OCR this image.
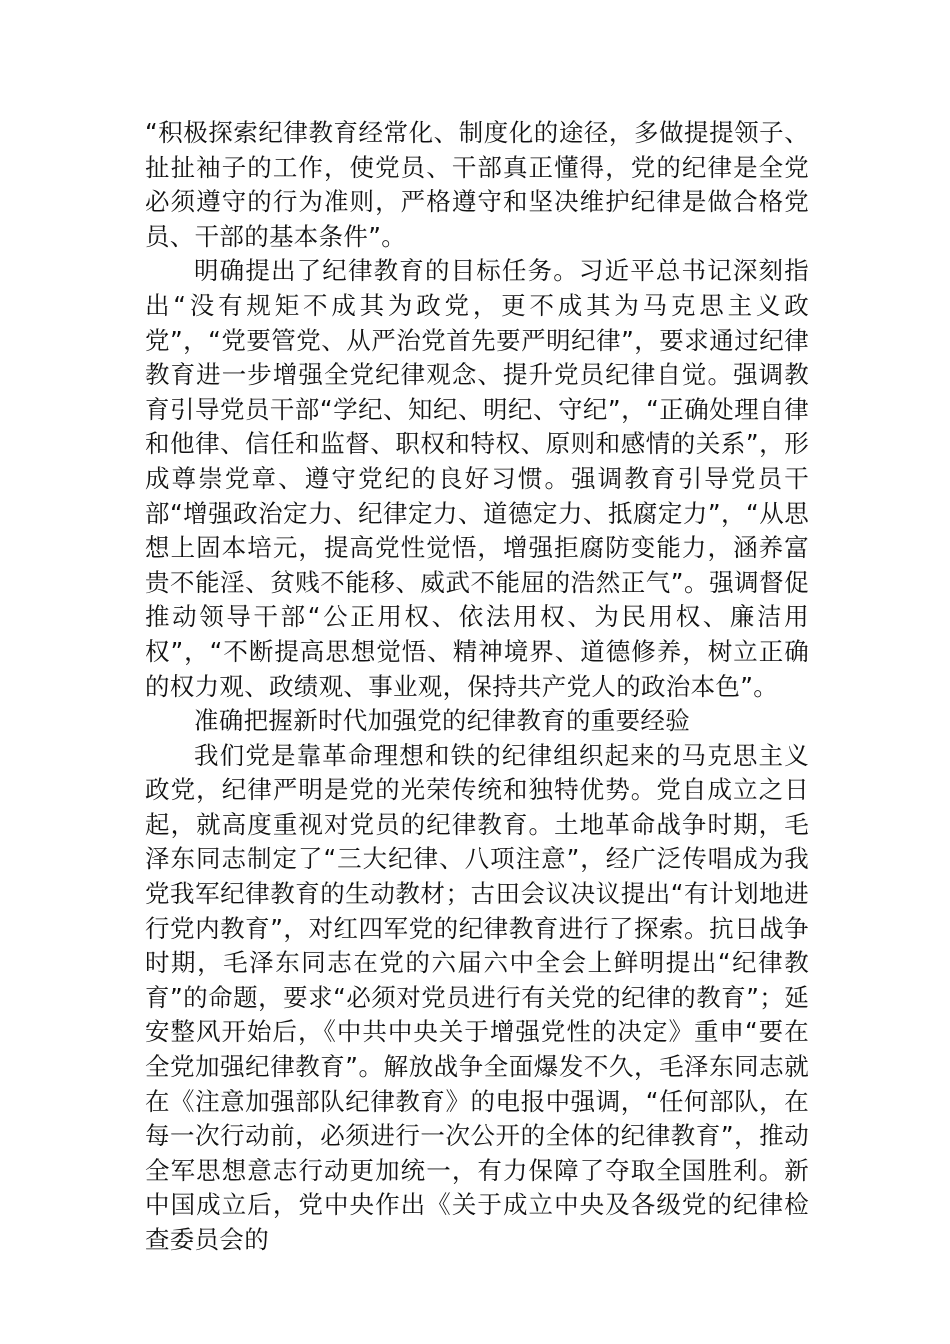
“积极探索纪律教育经常化、制度化的途径，多做提提领子、扯扯袖子的工作，使党员、干部真正懂得，党的纪律是全党必须遵守的行为准则，严格遵守和坚决维护纪律是做合格党员、干部的基本条件”。

明确提出了纪律教育的目标任务。习近平总书记深刻指出“没有规矩不成其为政党，更不成其为马克思主义政党”，“党要管党、从严治党首先要严明纪律”，要求通过纪律教育进一步增强全党纪律观念、提升党员纪律自觉。强调教育引导党员干部“学纪、知纪、明纪、守纪”，“正确处理自律和他律、信任和监督、职权和特权、原则和感情的关系”，形成尊崇党章、遵守党纪的良好习惯。强调教育引导党员干部“增强政治定力、纪律定力、道德定力、抵腐定力”，“从思想上固本培元，提高党性觉悟，增强拒腐防变能力，涵养富贵不能淫、贫贱不能移、威武不能屈的浩然正气”。强调督促推动领导干部“公正用权、依法用权、为民用权、廉洁用权”，“不断提高思想觉悟、精神境界、道德修养，树立正确的权力观、政绩观、事业观，保持共产党人的政治本色”。

准确把握新时代加强党的纪律教育的重要经验

我们党是靠革命理想和铁的纪律组织起来的马克思主义政党，纪律严明是党的光荣传统和独特优势。党自成立之日起，就高度重视对党员的纪律教育。土地革命战争时期，毛泽东同志制定了“三大纪律、八项注意”，经广泛传唱成为我党我军纪律教育的生动教材；古田会议决议提出“有计划地进行党内教育”，对红四军党的纪律教育进行了探索。抗日战争时期，毛泽东同志在党的六届六中全会上鲜明提出“纪律教育”的命题，要求“必须对党员进行有关党的纪律的教育”；延安整风开始后，《中共中央关于增强党性的决定》重申“要在全党加强纪律教育”。解放战争全面爆发不久，毛泽东同志就在《注意加强部队纪律教育》的电报中强调，“任何部队，在每一次行动前，必须进行一次公开的全体的纪律教育”，推动全军思想意志行动更加统一，有力保障了夺取全国胜利。新中国成立后，党中央作出《关于成立中央及各级党的纪律检查委员会的
